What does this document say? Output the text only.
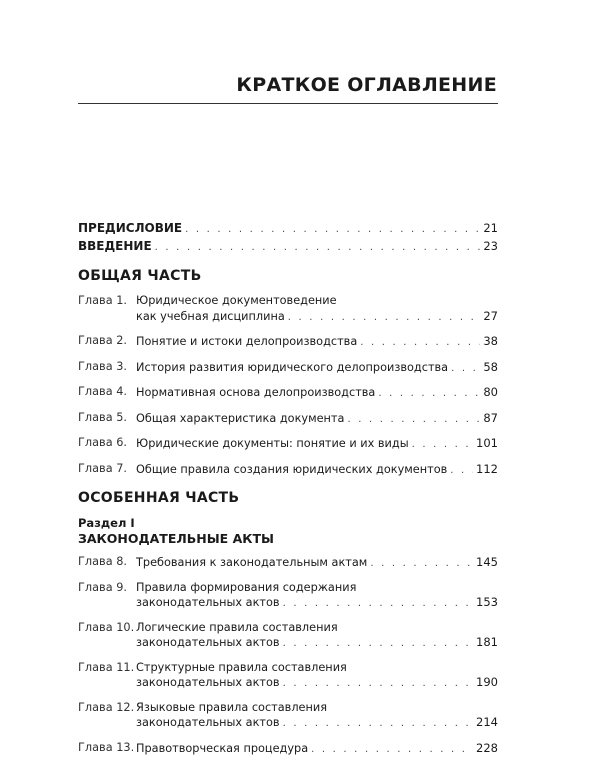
КРАТКОЕ ОГЛАВЛЕНИЕ
ПРЕДИСЛОВИЕ . . .	21
ВВЕДЕНИЕ . . .	23
ОБЩАЯ ЧАСТЬ
Глава 1. Юридическое документоведение
как учебная дисциплина . . .	27
Глава 2. Понятие и истоки делопроизводства . . .	38
Глава 3. История развития юридического делопроизводства . . .	58
Глава 4. Нормативная основа делопроизводства . . .	80
Глава 5. Общая характеристика документа . . .	87
Глава 6. Юридические документы: понятие и их виды . . .	101
Глава 7. Общие правила создания юридических документов . . .	112
ОСОБЕННАЯ ЧАСТЬ
Раздел I
ЗАКОНОДАТЕЛЬНЫЕ АКТЫ
Глава 8. Требования к законодательным актам . . .	145
Глава 9. Правила формирования содержания
законодательных актов . . .	153
Глава 10. Логические правила составления
законодательных актов . . .	181
Глава 11. Структурные правила составления
законодательных актов . . .	190
Глава 12. Языковые правила составления
законодательных актов . . .	214
Глава 13. Правотворческая процедура . . .	228
